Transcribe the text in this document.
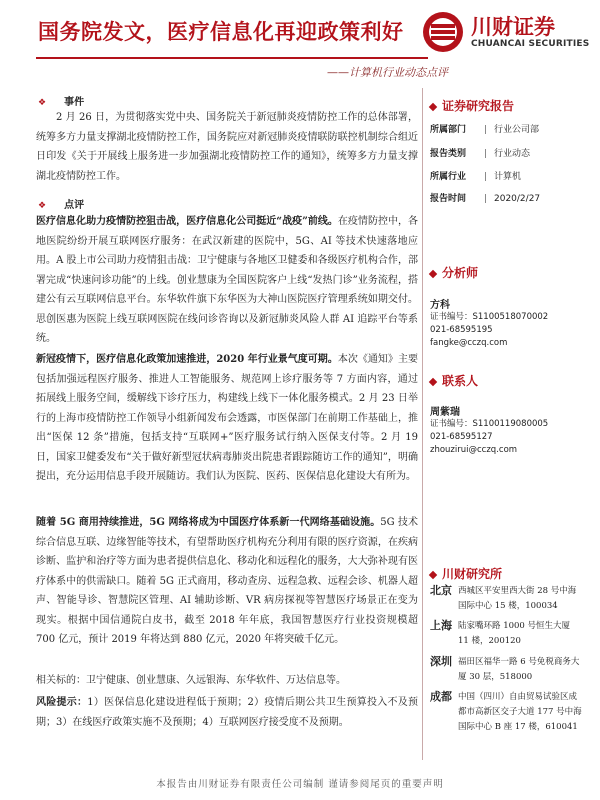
国务院发文，医疗信息化再迎政策利好
——计算机行业动态点评
川财证券
CHUANCAI SECURITIES
❖ 事件
2 月 26 日，为贯彻落实党中央、国务院关于新冠肺炎疫情防控工作的总体部署，统筹多方力量支撑湖北疫情防控工作，国务院应对新冠肺炎疫情联防联控机制综合组近日印发《关于开展线上服务进一步加强湖北疫情防控工作的通知》，统筹多方力量支撑湖北疫情防控工作。
❖ 点评
医疗信息化助力疫情防控狙击战，医疗信息化公司挺近“战疫”前线。在疫情防控中，各地医院纷纷开展互联网医疗服务：在武汉新建的医院中，5G、AI 等技术快速落地应用。A 股上市公司助力疫情狙击战：卫宁健康与各地区卫健委和各级医疗机构合作，部署完成“快速问诊功能”的上线。创业慧康为全国医院客户上线“发热门诊”业务流程，搭建公有云互联网信息平台。东华软件旗下东华医为大神山医院医疗管理系统如期交付。思创医惠为医院上线互联网医院在线问诊咨询以及新冠肺炎风险人群 AI 追踪平台等系统。
新冠疫情下，医疗信息化政策加速推进，2020 年行业景气度可期。本次《通知》主要包括加强远程医疗服务、推进人工智能服务、规范网上诊疗服务等 7 方面内容，通过拓展线上服务空间，缓解线下诊疗压力，构建线上线下一体化服务模式。2 月 23 日举行的上海市疫情防控工作领导小组新闻发布会透露，市医保部门在前期工作基础上，推出“医保 12 条”措施，包括支持“互联网+”医疗服务试行纳入医保支付等。2 月 19 日，国家卫健委发布“关于做好新型冠状病毒肺炎出院患者跟踪随访工作的通知”，明确提出，充分运用信息手段开展随访。我们认为医院、医药、医保信息化建设大有所为。
随着 5G 商用持续推进，5G 网络将成为中国医疗体系新一代网络基础设施。5G 技术综合信息互联、边缘智能等技术，有望帮助医疗机构充分利用有限的医疗资源，在疾病诊断、监护和治疗等方面为患者提供信息化、移动化和远程化的服务，大大弥补现有医疗体系中的供需缺口。随着 5G 正式商用，移动查房、远程急救、远程会诊、机器人超声、智能导诊、智慧院区管理、AI 辅助诊断、VR 病房探视等智慧医疗场景正在变为现实。根据中国信通院白皮书，截至 2018 年年底，我国智慧医疗行业投资规模超 700 亿元，预计 2019 年将达到 880 亿元，2020 年将突破千亿元。
相关标的：卫宁健康、创业慧康、久远银海、东华软件、万达信息等。
风险提示：1）医保信息化建设进程低于预期；2）疫情后期公共卫生预算投入不及预期；3）在线医疗政策实施不及预期；4）互联网医疗接受度不及预期。
证券研究报告
所属部门 | 行业公司部
报告类别 | 行业动态
所属行业 | 计算机
报告时间 | 2020/2/27
分析师
方科
证书编号：S1100518070002
021-68595195
fangke@cczq.com
联系人
周紫瑞
证书编号：S1100119080005
021-68595127
zhouzirui@cczq.com
川财研究所
北京 西城区平安里西大街 28 号中海国际中心 15 楼，100034
上海 陆家嘴环路 1000 号恒生大厦 11 楼，200120
深圳 福田区福华一路 6 号免税商务大厦 30 层，518000
成都 中国（四川）自由贸易试验区成都市高新区交子大道 177 号中海国际中心 B 座 17 楼，610041
本报告由川财证券有限责任公司编制 谨请参阅尾页的重要声明
